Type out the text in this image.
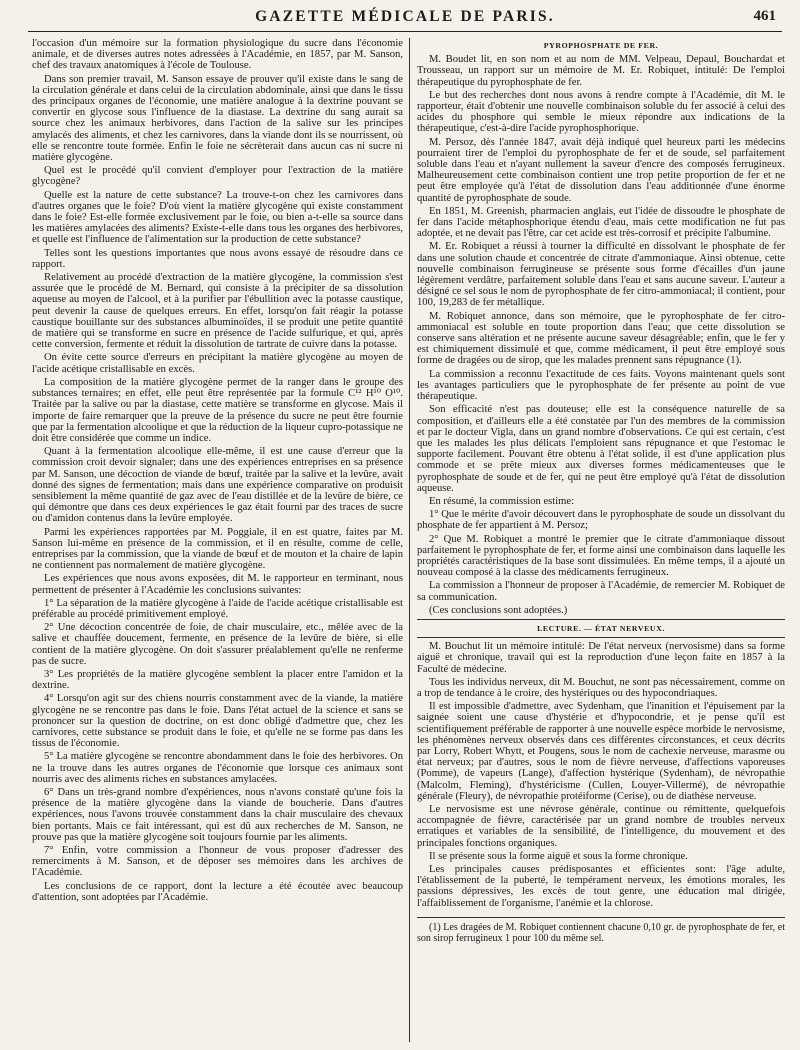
GAZETTE MÉDICALE DE PARIS.	461

l'occasion d'un mémoire sur la formation physiologique du sucre dans l'économie animale, et de diverses autres notes adressées à l'Académie, en 1857, par M. Sanson, chef des travaux anatomiques à l'école de Toulouse.

Dans son premier travail, M. Sanson essaye de prouver qu'il existe dans le sang de la circulation générale et dans celui de la circulation abdominale, ainsi que dans le tissu des principaux organes de l'économie, une matière analogue à la dextrine pouvant se convertir en glycose sous l'influence de la diastase. La dextrine du sang aurait sa source chez les animaux herbivores, dans l'action de la salive sur les principes amylacés des aliments, et chez les carnivores, dans la viande dont ils se nourrissent, où elle se rencontre toute formée. Enfin le foie ne sécrèterait dans aucun cas ni sucre ni matière glycogène.

Quel est le procédé qu'il convient d'employer pour l'extraction de la matière glycogène?

Quelle est la nature de cette substance? La trouve-t-on chez les carnivores dans d'autres organes que le foie? D'où vient la matière glycogène qui existe constamment dans le foie? Est-elle formée exclusivement par le foie, ou bien a-t-elle sa source dans les matières amylacées des aliments? Existe-t-elle dans tous les organes des herbivores, et quelle est l'influence de l'alimentation sur la production de cette substance?

Telles sont les questions importantes que nous avons essayé de résoudre dans ce rapport.

Relativement au procédé d'extraction de la matière glycogène, la commission s'est assurée que le procédé de M. Bernard, qui consiste à la précipiter de sa dissolution aqueuse au moyen de l'alcool, et à la purifier par l'ébullition avec la potasse caustique, peut devenir la cause de quelques erreurs. En effet, lorsqu'on fait réagir la potasse caustique bouillante sur des substances albuminoïdes, il se produit une petite quantité de matière qui se transforme en sucre en présence de l'acide sulfurique, et qui, après cette conversion, fermente et réduit la dissolution de tartrate de cuivre dans la potasse.

On évite cette source d'erreurs en précipitant la matière glycogène au moyen de l'acide acétique cristallisable en excès.

La composition de la matière glycogène permet de la ranger dans le groupe des substances ternaires; en effet, elle peut être représentée par la formule C¹² H¹⁰ O¹⁰. Traitée par la salive ou par la diastase, cette matière se transforme en glycose. Mais il importe de faire remarquer que la preuve de la présence du sucre ne peut être fournie que par la fermentation alcoolique et que la réduction de la liqueur cupro-potassique ne doit être considérée que comme un indice.

Quant à la fermentation alcoolique elle-même, il est une cause d'erreur que la commission croit devoir signaler; dans une des expériences entreprises en sa présence par M. Sanson, une décoction de viande de bœuf, traitée par la salive et la levûre, avait donné des signes de fermentation; mais dans une expérience comparative on produisit sensiblement la même quantité de gaz avec de l'eau distillée et de la levûre de bière, ce qui démontre que dans ces deux expériences le gaz était fourni par des traces de sucre ou d'amidon contenus dans la levûre employée.

Parmi les expériences rapportées par M. Poggiale, il en est quatre, faites par M. Sanson lui-même en présence de la commission, et il en résulte, comme de celle, entreprises par la commission, que la viande de bœuf et de mouton et la chaire de lapin ne contiennent pas normalement de matière glycogène.

Les expériences que nous avons exposées, dit M. le rapporteur en terminant, nous permettent de présenter à l'Académie les conclusions suivantes:

1° La séparation de la matière glycogène à l'aide de l'acide acétique cristallisable est préférable au procédé primitivement employé.

2° Une décoction concentrée de foie, de chair musculaire, etc., mêlée avec de la salive et chauffée doucement, fermente, en présence de la levûre de bière, si elle contient de la matière glycogène. On doit s'assurer préalablement qu'elle ne renferme pas de sucre.

3° Les propriétés de la matière glycogène semblent la placer entre l'amidon et la dextrine.

4° Lorsqu'on agit sur des chiens nourris constamment avec de la viande, la matière glycogène ne se rencontre pas dans le foie. Dans l'état actuel de la science et sans se prononcer sur la question de doctrine, on est donc obligé d'admettre que, chez les carnivores, cette substance se produit dans le foie, et qu'elle ne se forme pas dans les tissus de l'économie.

5° La matière glycogène se rencontre abondamment dans le foie des herbivores. On ne la trouve dans les autres organes de l'économie que lorsque ces animaux sont nourris avec des aliments riches en substances amylacées.

6° Dans un très-grand nombre d'expériences, nous n'avons constaté qu'une fois la présence de la matière glycogène dans la viande de boucherie. Dans d'autres expériences, nous l'avons trouvée constamment dans la chair musculaire des chevaux bien portants. Mais ce fait intéressant, qui est dû aux recherches de M. Sanson, ne prouve pas que la matière glycogène soit toujours fournie par les aliments.

7° Enfin, votre commission a l'honneur de vous proposer d'adresser des remerciments à M. Sanson, et de déposer ses mémoires dans les archives de l'Académie.

Les conclusions de ce rapport, dont la lecture a été écoutée avec beaucoup d'attention, sont adoptées par l'Académie.

PYROPHOSPHATE DE FER.

M. Boudet lit, en son nom et au nom de MM. Velpeau, Depaul, Bouchardat et Trousseau, un rapport sur un mémoire de M. Er. Robiquet, intitulé: De l'emploi thérapeutique du pyrophosphate de fer.

Le but des recherches dont nous avons à rendre compte à l'Académie, dit M. le rapporteur, était d'obtenir une nouvelle combinaison soluble du fer associé à celui des acides du phosphore qui semble le mieux répondre aux indications de la thérapeutique, c'est-à-dire l'acide pyrophosphorique.

M. Persoz, dès l'année 1847, avait déjà indiqué quel heureux parti les médecins pourraient tirer de l'emploi du pyrophosphate de fer et de soude, sel parfaitement soluble dans l'eau et n'ayant nullement la saveur d'encre des composés ferrugineux. Malheureusement cette combinaison contient une trop petite proportion de fer et ne peut être employée qu'à l'état de dissolution dans l'eau additionnée d'une énorme quantité de pyrophosphate de soude.

En 1851, M. Greenish, pharmacien anglais, eut l'idée de dissoudre le phosphate de fer dans l'acide métaphosphorique étendu d'eau, mais cette modification ne fut pas adoptée, et ne devait pas l'être, car cet acide est très-corrosif et précipite l'albumine.

M. Er. Robiquet a réussi à tourner la difficulté en dissolvant le phosphate de fer dans une solution chaude et concentrée de citrate d'ammoniaque. Ainsi obtenue, cette nouvelle combinaison ferrugineuse se présente sous forme d'écailles d'un jaune légèrement verdâtre, parfaitement soluble dans l'eau et sans aucune saveur. L'auteur a désigné ce sel sous le nom de pyrophosphate de fer citro-ammoniacal; il contient, pour 100, 19,283 de fer métallique.

M. Robiquet annonce, dans son mémoire, que le pyrophosphate de fer citro-ammoniacal est soluble en toute proportion dans l'eau; que cette dissolution se conserve sans altération et ne présente aucune saveur désagréable; enfin, que le fer y est chimiquement dissimulé et que, comme médicament, il peut être employé sous forme de dragées ou de sirop, que les malades prennent sans répugnance (1).

La commission a reconnu l'exactitude de ces faits. Voyons maintenant quels sont les avantages particuliers que le pyrophosphate de fer présente au point de vue thérapeutique.

Son efficacité n'est pas douteuse; elle est la conséquence naturelle de sa composition, et d'ailleurs elle a été constatée par l'un des membres de la commission et par le docteur Vigla, dans un grand nombre d'observations. Ce qui est certain, c'est que les malades les plus délicats l'emploient sans répugnance et que l'estomac le supporte facilement. Pouvant être obtenu à l'état solide, il est d'une application plus commode et se prête mieux aux diverses formes médicamenteuses que le pyrophosphate de soude et de fer, qui ne peut être employé qu'à l'état de dissolution aqueuse.

En résumé, la commission estime:

1° Que le mérite d'avoir découvert dans le pyrophosphate de soude un dissolvant du phosphate de fer appartient à M. Persoz;

2° Que M. Robiquet a montré le premier que le citrate d'ammoniaque dissout parfaitement le pyrophosphate de fer, et forme ainsi une combinaison dans laquelle les propriétés caractéristiques de la base sont dissimulées. En même temps, il a ajouté un nouveau composé à la classe des médicaments ferrugineux.

La commission a l'honneur de proposer à l'Académie, de remercier M. Robiquet de sa communication.

(Ces conclusions sont adoptées.)

LECTURE. — ÉTAT NERVEUX.

M. Bouchut lit un mémoire intitulé: De l'état nerveux (nervosisme) dans sa forme aiguë et chronique, travail qui est la reproduction d'une leçon faite en 1857 à la Faculté de médecine.

Tous les individus nerveux, dit M. Bouchut, ne sont pas nécessairement, comme on a trop de tendance à le croire, des hystériques ou des hypocondriaques.

Il est impossible d'admettre, avec Sydenham, que l'inanition et l'épuisement par la saignée soient une cause d'hystérie et d'hypocondrie, et je pense qu'il est scientifiquement préférable de rapporter à une nouvelle espèce morbide le nervosisme, les phénomènes nerveux observés dans ces différentes circonstances, et ceux décrits par Lorry, Robert Whytt, et Pougens, sous le nom de cachexie nerveuse, marasme ou état nerveux; par d'autres, sous le nom de fièvre nerveuse, d'affections vaporeuses (Pomme), de vapeurs (Lange), d'affection hystérique (Sydenham), de névropathie (Malcolm, Fleming), d'hystéricisme (Cullen, Louyer-Villermé), de névropathie générale (Fleury), de névropathie protéiforme (Cerise), ou de diathèse nerveuse.

Le nervosisme est une névrose générale, continue ou rémittente, quelquefois accompagnée de fièvre, caractérisée par un grand nombre de troubles nerveux erratiques et variables de la sensibilité, de l'intelligence, du mouvement et des principales fonctions organiques.

Il se présente sous la forme aiguë et sous la forme chronique.

Les principales causes prédisposantes et efficientes sont: l'âge adulte, l'établissement de la puberté, le tempérament nerveux, les émotions morales, les passions dépressives, les excès de tout genre, une éducation mal dirigée, l'affaiblissement de l'organisme, l'anémie et la chlorose.

(1) Les dragées de M. Robiquet contiennent chacune 0,10 gr. de pyrophosphate de fer, et son sirop ferrugineux 1 pour 100 du même sel.
